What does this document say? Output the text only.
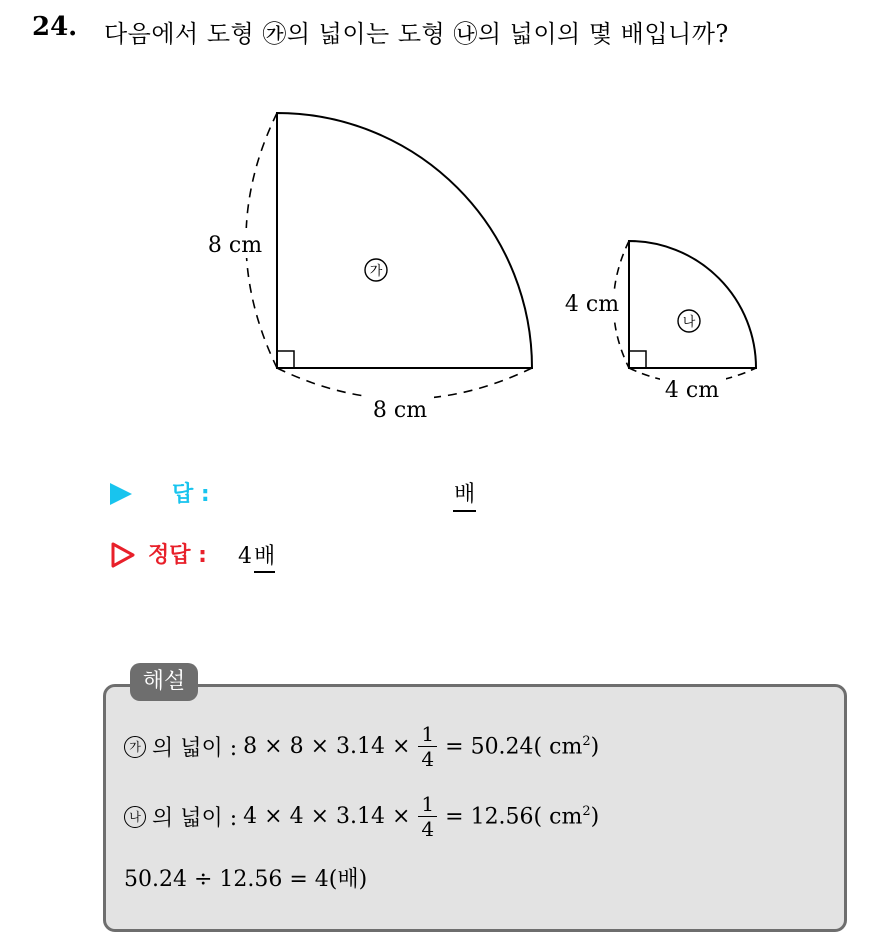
24. 다음에서 도형 ㉮의 넓이는 도형 ㉯의 넓이의 몇 배입니까?
8 cm
8 cm
가
4 cm
4 cm
나
답 :	배
정답 : 4배
해설
가 의 넓이 : $8 \times 8 \times 3.14 \times \frac{1}{4} = 50.24$( $cm^2$)
나 의 넓이 : $4 \times 4 \times 3.14 \times \frac{1}{4} = 12.56$( $cm^2$)
50.24 ÷ 12.56 = 4(배)
